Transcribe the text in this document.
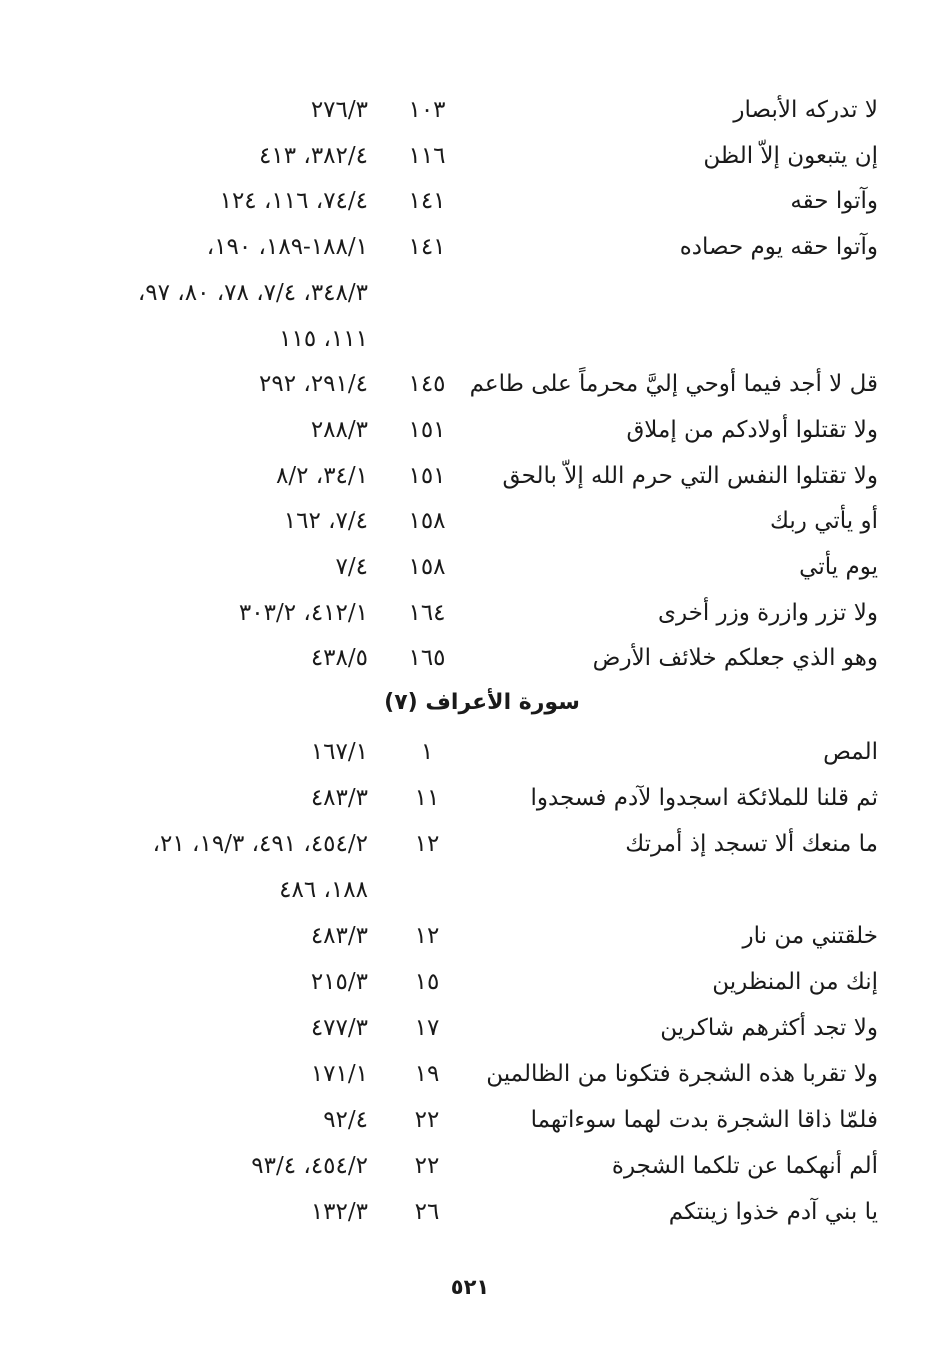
لا تدركه الأبصار
١٠٣
٢٧٦/٣
إن يتبعون إلاّ الظن
١١٦
٣٨٢/٤، ٤١٣
وآتوا حقه
١٤١
٧٤/٤، ١١٦، ١٢٤
وآتوا حقه يوم حصاده
١٤١
١٨٨/١-١٨٩، ١٩٠،
٣٤٨/٣، ٧/٤، ٧٨، ٨٠، ٩٧،
١١١، ١١٥
قل لا أجد فيما أوحي إليَّ محرماً على طاعم
١٤٥
٢٩١/٤، ٢٩٢
ولا تقتلوا أولادكم من إملاق
١٥١
٢٨٨/٣
ولا تقتلوا النفس التي حرم الله إلاّ بالحق
١٥١
٣٤/١، ٨/٢
أو يأتي ربك
١٥٨
٧/٤، ١٦٢
يوم يأتي
١٥٨
٧/٤
ولا تزر وازرة وزر أخرى
١٦٤
٤١٢/١، ٣٠٣/٢
وهو الذي جعلكم خلائف الأرض
١٦٥
٤٣٨/٥
سورة الأعراف (٧)
المص
١
١٦٧/١
ثم قلنا للملائكة اسجدوا لآدم فسجدوا
١١
٤٨٣/٣
ما منعك ألا تسجد إذ أمرتك
١٢
٤٥٤/٢، ٤٩١، ١٩/٣، ٢١،
١٨٨، ٤٨٦
خلقتني من نار
١٢
٤٨٣/٣
إنك من المنظرين
١٥
٢١٥/٣
ولا تجد أكثرهم شاكرين
١٧
٤٧٧/٣
ولا تقربا هذه الشجرة فتكونا من الظالمين
١٩
١٧١/١
فلمّا ذاقا الشجرة بدت لهما سوءاتهما
٢٢
٩٢/٤
ألم أنهكما عن تلكما الشجرة
٢٢
٤٥٤/٢، ٩٣/٤
يا بني آدم خذوا زينتكم
٢٦
١٣٢/٣
٥٢١
